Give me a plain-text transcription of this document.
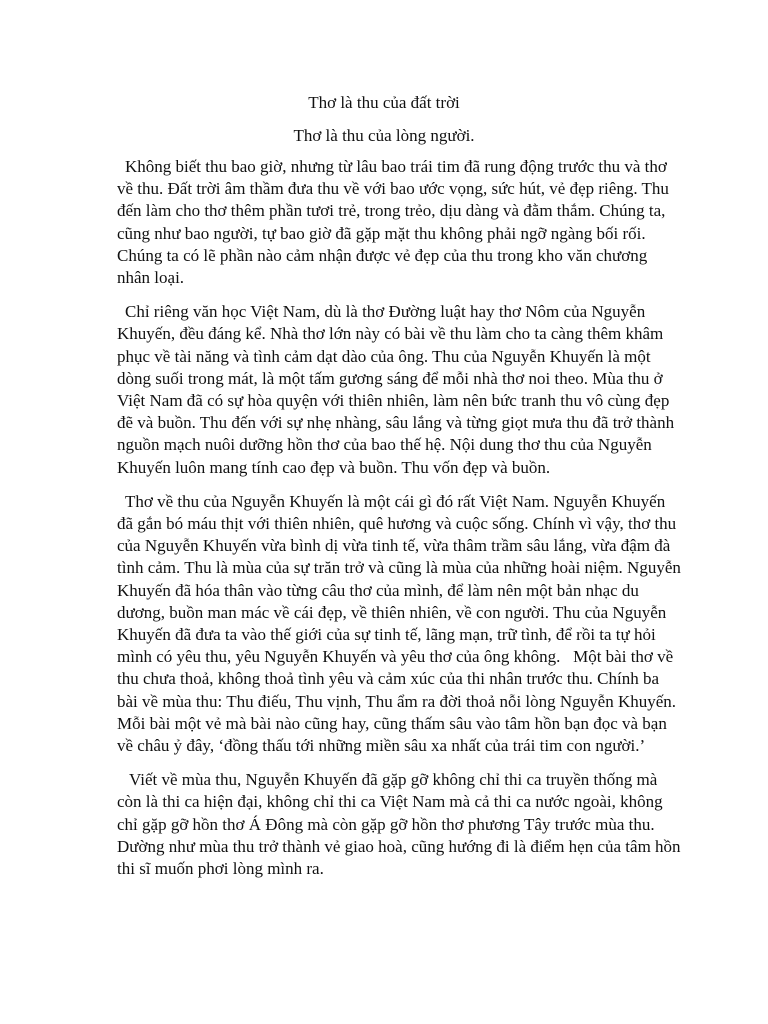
Thơ là thu của đất trời
Thơ là thu của lòng người.

Không biết thu bao giờ, nhưng từ lâu bao trái tim đã rung động trước thu và thơ về thu. Đất trời âm thầm đưa thu về với bao ước vọng, sức hút, vẻ đẹp riêng. Thu đến làm cho thơ thêm phần tươi trẻ, trong trẻo, dịu dàng và đằm thắm. Chúng ta, cũng như bao người, tự bao giờ đã gặp mặt thu không phải ngỡ ngàng bối rối. Chúng ta có lẽ phần nào cảm nhận được vẻ đẹp của thu trong kho văn chương nhân loại.

Chỉ riêng văn học Việt Nam, dù là thơ Đường luật hay thơ Nôm của Nguyễn Khuyến, đều đáng kể. Nhà thơ lớn này có bài về thu làm cho ta càng thêm khâm phục về tài năng và tình cảm dạt dào của ông. Thu của Nguyễn Khuyến là một dòng suối trong mát, là một tấm gương sáng để mỗi nhà thơ noi theo. Mùa thu ở Việt Nam đã có sự hòa quyện với thiên nhiên, làm nên bức tranh thu vô cùng đẹp đẽ và buồn. Thu đến với sự nhẹ nhàng, sâu lắng và từng giọt mưa thu đã trở thành nguồn mạch nuôi dưỡng hồn thơ của bao thế hệ. Nội dung thơ thu của Nguyễn Khuyến luôn mang tính cao đẹp và buồn. Thu vốn đẹp và buồn.

Thơ về thu của Nguyễn Khuyến là một cái gì đó rất Việt Nam. Nguyễn Khuyến đã gắn bó máu thịt với thiên nhiên, quê hương và cuộc sống. Chính vì vậy, thơ thu của Nguyễn Khuyến vừa bình dị vừa tinh tế, vừa thâm trầm sâu lắng, vừa đậm đà tình cảm. Thu là mùa của sự trăn trở và cũng là mùa của những hoài niệm. Nguyễn Khuyến đã hóa thân vào từng câu thơ của mình, để làm nên một bản nhạc du dương, buồn man mác về cái đẹp, về thiên nhiên, về con người. Thu của Nguyễn Khuyến đã đưa ta vào thế giới của sự tinh tế, lãng mạn, trữ tình, để rồi ta tự hỏi mình có yêu thu, yêu Nguyễn Khuyến và yêu thơ của ông không.   Một bài thơ về thu chưa thoả, không thoả tình yêu và cảm xúc của thi nhân trước thu. Chính ba bài về mùa thu: Thu điếu, Thu vịnh, Thu ẩm ra đời thoả nỗi lòng Nguyễn Khuyến. Mỗi bài một vẻ mà bài nào cũng hay, cũng thấm sâu vào tâm hồn bạn đọc và bạn về châu ỷ đây, ‘đồng thấu tới những miền sâu xa nhất của trái tim con người.’

Viết về mùa thu, Nguyễn Khuyến đã gặp gỡ không chỉ thi ca truyền thống mà còn là thi ca hiện đại, không chỉ thi ca Việt Nam mà cả thi ca nước ngoài, không chỉ gặp gỡ hồn thơ Á Đông mà còn gặp gỡ hồn thơ phương Tây trước mùa thu. Dường như mùa thu trở thành vẻ giao hoà, cũng hướng đi là điểm hẹn của tâm hồn thi sĩ muốn phơi lòng mình ra.
